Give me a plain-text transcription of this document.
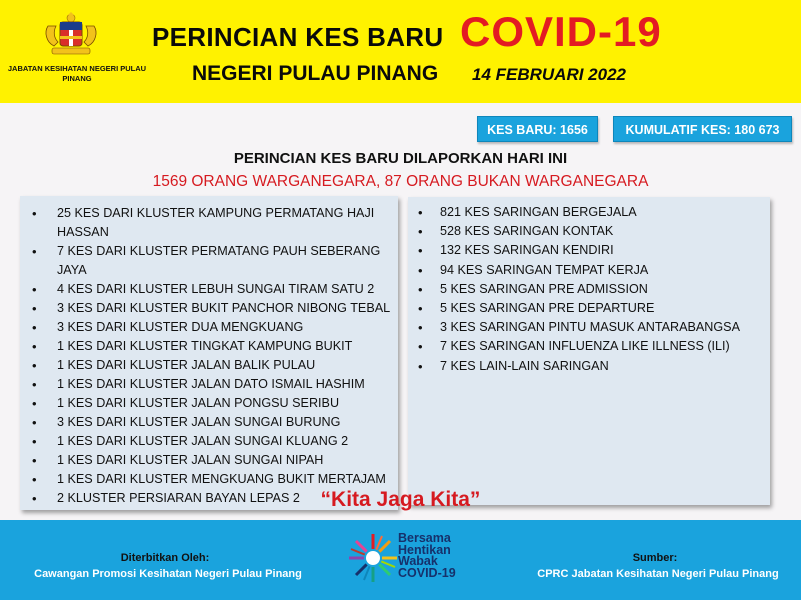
JABATAN KESIHATAN NEGERI PULAU PINANG
PERINCIAN KES BARU COVID-19
NEGERI PULAU PINANG 14 FEBRUARI 2022
KES BARU: 1656	KUMULATIF KES: 180 673
PERINCIAN KES BARU DILAPORKAN HARI INI
1569 ORANG WARGANEGARA, 87 ORANG BUKAN WARGANEGARA
• 25 KES DARI KLUSTER KAMPUNG PERMATANG HAJI HASSAN
• 7 KES DARI KLUSTER PERMATANG PAUH SEBERANG JAYA
• 4 KES DARI KLUSTER LEBUH SUNGAI TIRAM SATU 2
• 3 KES DARI KLUSTER BUKIT PANCHOR NIBONG TEBAL
• 3 KES DARI KLUSTER DUA MENGKUANG
• 1 KES DARI KLUSTER TINGKAT KAMPUNG BUKIT
• 1 KES DARI KLUSTER JALAN BALIK PULAU
• 1 KES DARI KLUSTER JALAN DATO ISMAIL HASHIM
• 1 KES DARI KLUSTER JALAN PONGSU SERIBU
• 3 KES DARI KLUSTER JALAN SUNGAI BURUNG
• 1 KES DARI KLUSTER JALAN SUNGAI KLUANG 2
• 1 KES DARI KLUSTER JALAN SUNGAI NIPAH
• 1 KES DARI KLUSTER MENGKUANG BUKIT MERTAJAM
• 2 KLUSTER PERSIARAN BAYAN LEPAS 2
• 821 KES SARINGAN BERGEJALA
• 528 KES SARINGAN KONTAK
• 132 KES SARINGAN KENDIRI
• 94 KES SARINGAN TEMPAT KERJA
• 5 KES SARINGAN PRE ADMISSION
• 5 KES SARINGAN PRE DEPARTURE
• 3 KES SARINGAN PINTU MASUK ANTARABANGSA
• 7 KES SARINGAN INFLUENZA LIKE ILLNESS (ILI)
• 7 KES LAIN-LAIN SARINGAN
“Kita Jaga Kita”
Diterbitkan Oleh:
Cawangan Promosi Kesihatan Negeri Pulau Pinang
Sumber:
CPRC Jabatan Kesihatan Negeri Pulau Pinang
Bersama
Hentikan
Wabak
COVID-19
